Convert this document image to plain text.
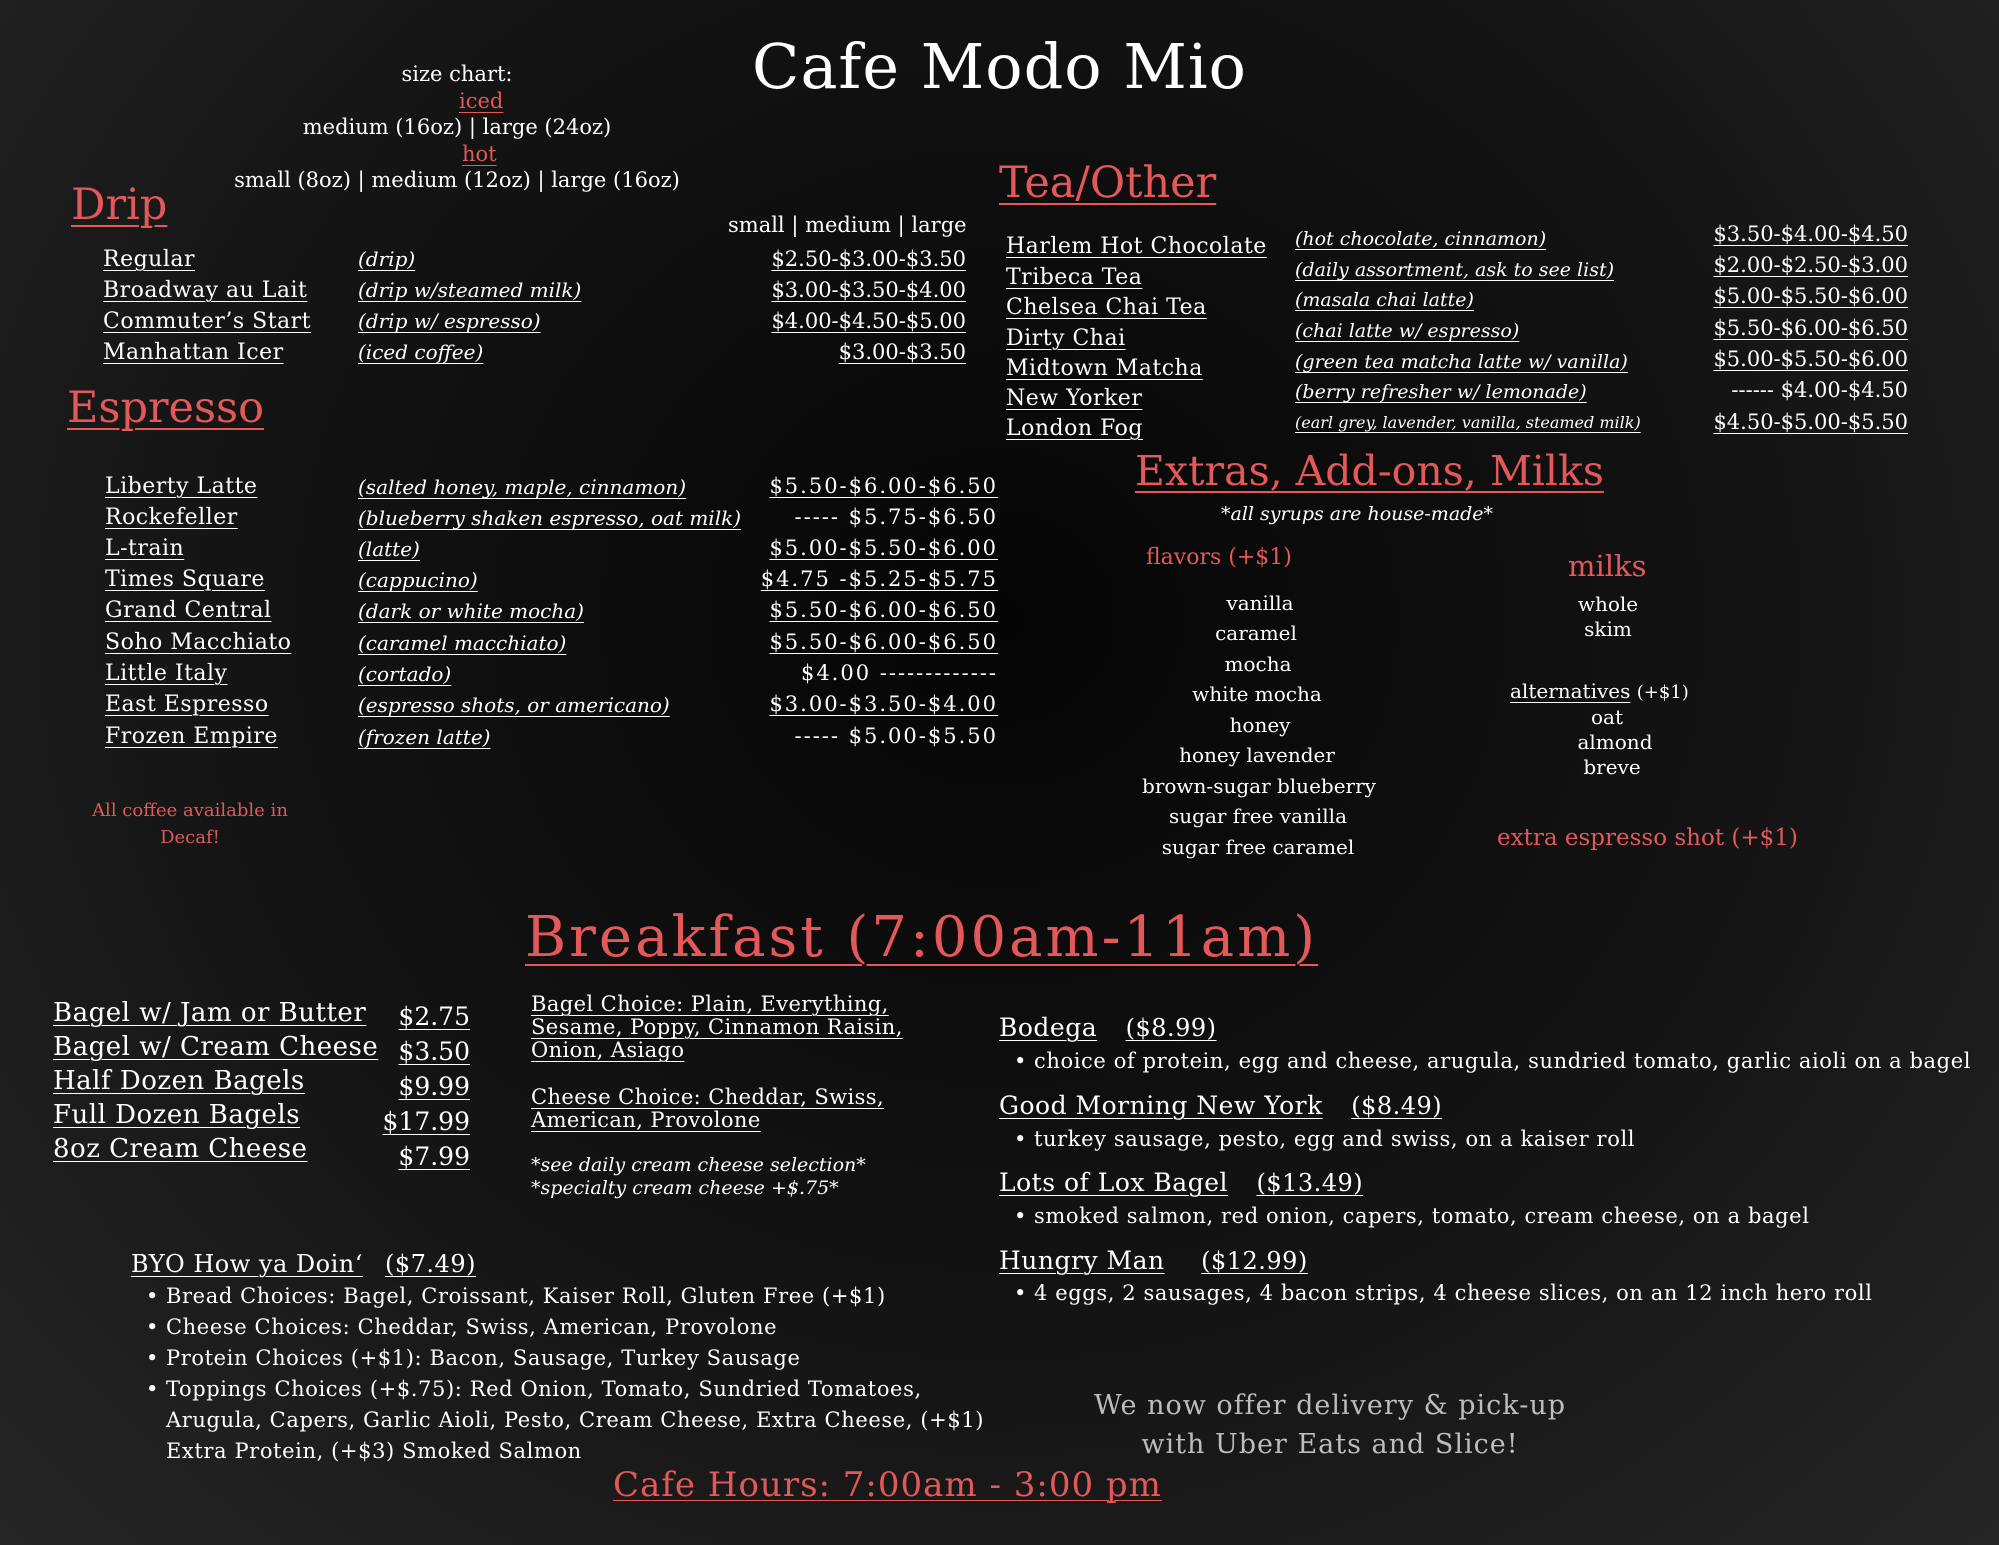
Cafe Modo Mio
size chart:
iced
medium (16oz) | large (24oz)
hot
small (8oz) | medium (12oz) | large (16oz)
Drip	small | medium | large
Regular	(drip)	$2.50-$3.00-$3.50
Broadway au Lait	(drip w/steamed milk)	$3.00-$3.50-$4.00
Commuter’s Start (drip w/ espresso)	$4.00-$4.50-$5.00
Manhattan Icer	(iced coffee)	$3.00-$3.50
Espresso
Liberty Latte	(salted honey, maple, cinnamon)	$5.50-$6.00-$6.50
Rockefeller	(blueberry shaken espresso, oat milk)	----- $5.75-$6.50
L-train	(latte)	$5.00-$5.50-$6.00
Times Square	(cappucino)	$4.75 -$5.25-$5.75
Grand Central	(dark or white mocha)	$5.50-$6.00-$6.50
Soho Macchiato	(caramel macchiato)	$5.50-$6.00-$6.50
Little Italy	(cortado)	$4.00 -------------
East Espresso	(espresso shots, or americano)	$3.00-$3.50-$4.00
Frozen Empire	(frozen latte)	----- $5.00-$5.50
All coffee available in
Decaf!
Tea/Other
Harlem Hot Chocolate (hot chocolate, cinnamon)	$3.50-$4.00-$4.50
Tribeca Tea	(daily assortment, ask to see list)	$2.00-$2.50-$3.00
Chelsea Chai Tea	(masala chai latte)	$5.00-$5.50-$6.00
Dirty Chai	(chai latte w/ espresso)	$5.50-$6.00-$6.50
Midtown Matcha	(green tea matcha latte w/ vanilla)	$5.00-$5.50-$6.00
New Yorker	(berry refresher w/ lemonade)	------ $4.00-$4.50
London Fog	(earl grey, lavender, vanilla, steamed milk)	$4.50-$5.00-$5.50
Extras, Add-ons, Milks
*all syrups are house-made*
flavors (+$1)
vanilla
caramel
mocha
white mocha
honey
honey lavender
brown-sugar blueberry
sugar free vanilla
sugar free caramel
milks
whole
skim
alternatives (+$1)
oat
almond
breve
extra espresso shot (+$1)
Breakfast (7:00am-11am)
Bagel w/ Jam or Butter	$2.75
Bagel w/ Cream Cheese $3.50
Half Dozen Bagels	$9.99
Full Dozen Bagels	$17.99
8oz Cream Cheese	$7.99
Bagel Choice: Plain, Everything,
Sesame, Poppy, Cinnamon Raisin,
Onion, Asiago
Cheese Choice: Cheddar, Swiss,
American, Provolone
*see daily cream cheese selection*
*specialty cream cheese +$.75*
BYO How ya Doin‘ ($7.49)
• Bread Choices: Bagel, Croissant, Kaiser Roll, Gluten Free (+$1)
• Cheese Choices: Cheddar, Swiss, American, Provolone
• Protein Choices (+$1): Bacon, Sausage, Turkey Sausage
• Toppings Choices (+$.75): Red Onion, Tomato, Sundried Tomatoes,
Arugula, Capers, Garlic Aioli, Pesto, Cream Cheese, Extra Cheese, (+$1)
Extra Protein, (+$3) Smoked Salmon
Bodega ($8.99)
• choice of protein, egg and cheese, arugula, sundried tomato, garlic aioli on a bagel
Good Morning New York ($8.49)
• turkey sausage, pesto, egg and swiss, on a kaiser roll
Lots of Lox Bagel ($13.49)
• smoked salmon, red onion, capers, tomato, cream cheese, on a bagel
Hungry Man ($12.99)
• 4 eggs, 2 sausages, 4 bacon strips, 4 cheese slices, on an 12 inch hero roll
We now offer delivery & pick-up
with Uber Eats and Slice!
Cafe Hours: 7:00am - 3:00 pm
